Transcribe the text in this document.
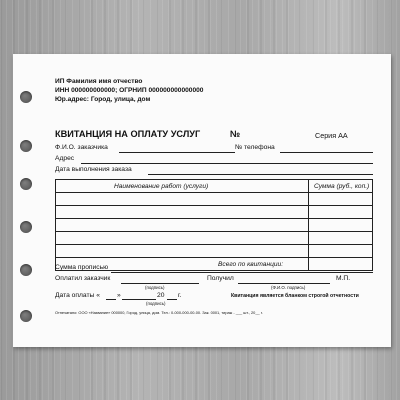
ИП Фамилия имя отчество
ИНН 000000000000; ОГРНИП 000000000000000
Юр.адрес: Город, улица, дом
КВИТАНЦИЯ НА ОПЛАТУ УСЛУГ	№	Серия АА
Ф.И.О. заказчика	№ телефона
Адрес
Дата выполнения заказа
Наименование работ (услуги)	Сумма (руб., коп.)
Всего по квитанции:
Сумма прописью
Оплатил заказчик	Получил	М.П.
(подпись)	(Ф.И.О. подпись)
Дата оплаты «	»	20 г.
(подпись)
Квитанция является бланком строгой отчетности
Отпечатано: ООО «Название» 000000, Город, улица, дом. Тел.: 0-000-000-00-00. Зак. 0001, тираж - ___ шт., 20__ г.
